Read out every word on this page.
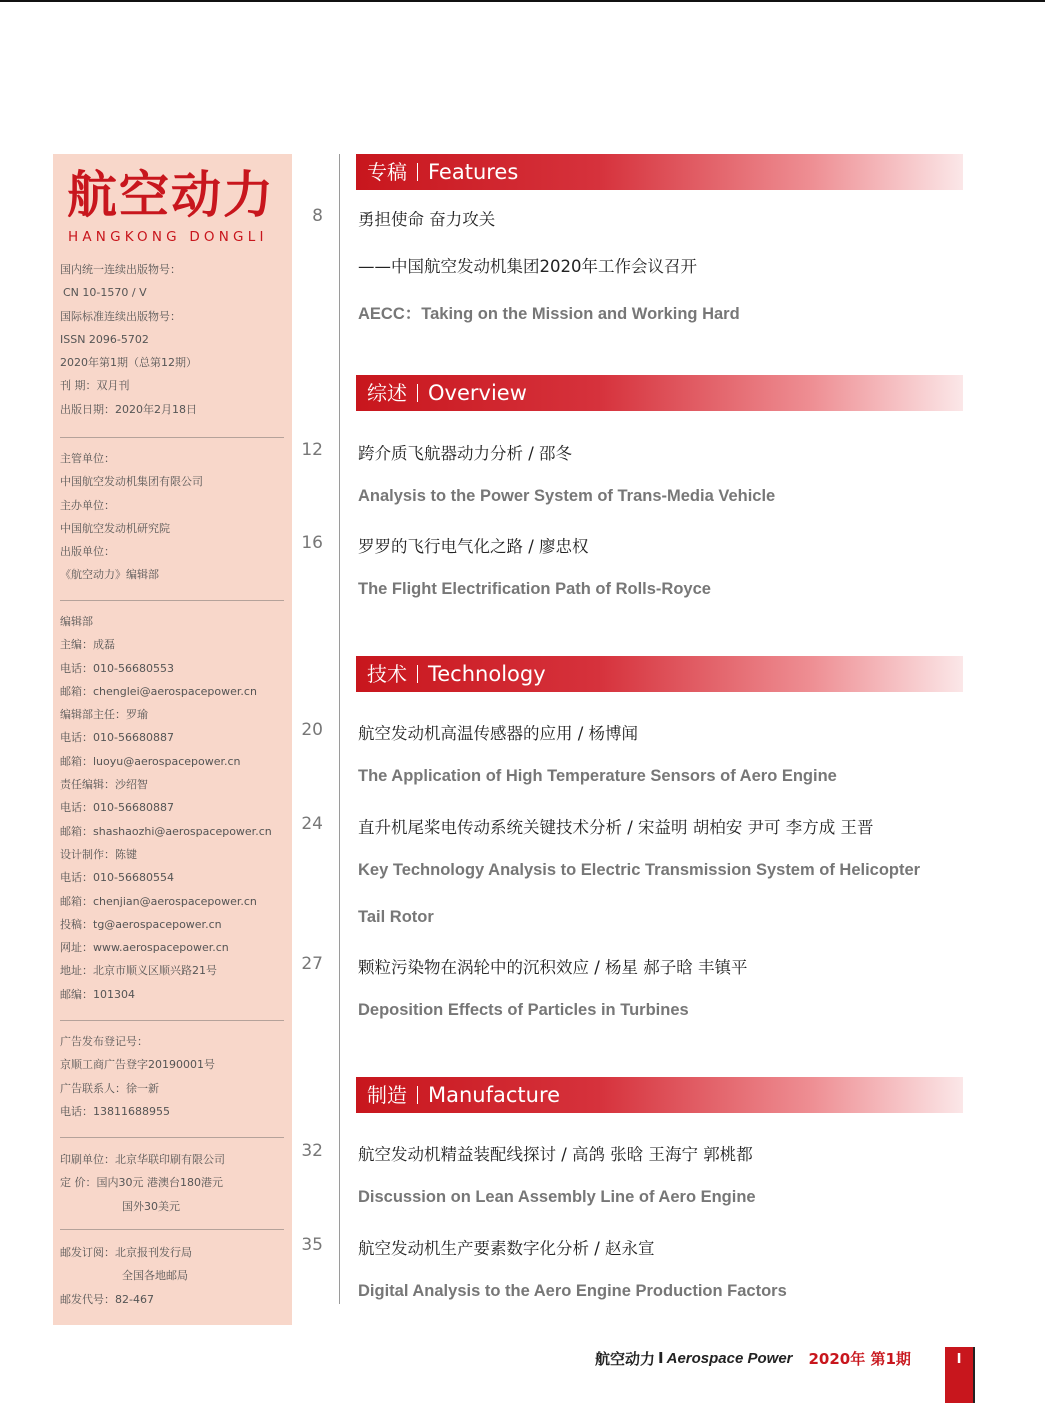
航空动力
HANGKONG DONGLI
国内统一连续出版物号：
CN 10-1570 / V
国际标准连续出版物号：
ISSN 2096-5702
2020年第1期（总第12期）
刊 期：双月刊
出版日期：2020年2月18日
主管单位：
中国航空发动机集团有限公司
主办单位：
中国航空发动机研究院
出版单位：
《航空动力》编辑部
编辑部
主编：成磊
电话：010-56680553
邮箱：chenglei@aerospacepower.cn
编辑部主任：罗瑜
电话：010-56680887
邮箱：luoyu@aerospacepower.cn
责任编辑：沙绍智
电话：010-56680887
邮箱：shashaozhi@aerospacepower.cn
设计制作：陈键
电话：010-56680554
邮箱：chenjian@aerospacepower.cn
投稿：tg@aerospacepower.cn
网址：www.aerospacepower.cn
地址：北京市顺义区顺兴路21号
邮编：101304
广告发布登记号：
京顺工商广告登字20190001号
广告联系人：徐一新
电话：13811688955
印刷单位：北京华联印刷有限公司
定 价：国内30元 港澳台180港元
国外30美元
邮发订阅：北京报刊发行局
全国各地邮局
邮发代号：82-467
专稿 Features
8 勇担使命 奋力攻关
——中国航空发动机集团2020年工作会议召开
AECC：Taking on the Mission and Working Hard
综述 Overview
12 跨介质飞航器动力分析 / 邵冬
Analysis to the Power System of Trans-Media Vehicle
16 罗罗的飞行电气化之路 / 廖忠权
The Flight Electrification Path of Rolls-Royce
技术 Technology
20 航空发动机高温传感器的应用 / 杨博闻
The Application of High Temperature Sensors of Aero Engine
24 直升机尾桨电传动系统关键技术分析 / 宋益明 胡柏安 尹可 李方成 王晋
Key Technology Analysis to Electric Transmission System of Helicopter
Tail Rotor
27 颗粒污染物在涡轮中的沉积效应 / 杨星 郝子晗 丰镇平
Deposition Effects of Particles in Turbines
制造 Manufacture
32 航空发动机精益装配线探讨 / 高鸽 张晗 王海宁 郭桃都
Discussion on Lean Assembly Line of Aero Engine
35 航空发动机生产要素数字化分析 / 赵永宣
Digital Analysis to the Aero Engine Production Factors
航空动力 I Aerospace Power 2020年 第1期	I
